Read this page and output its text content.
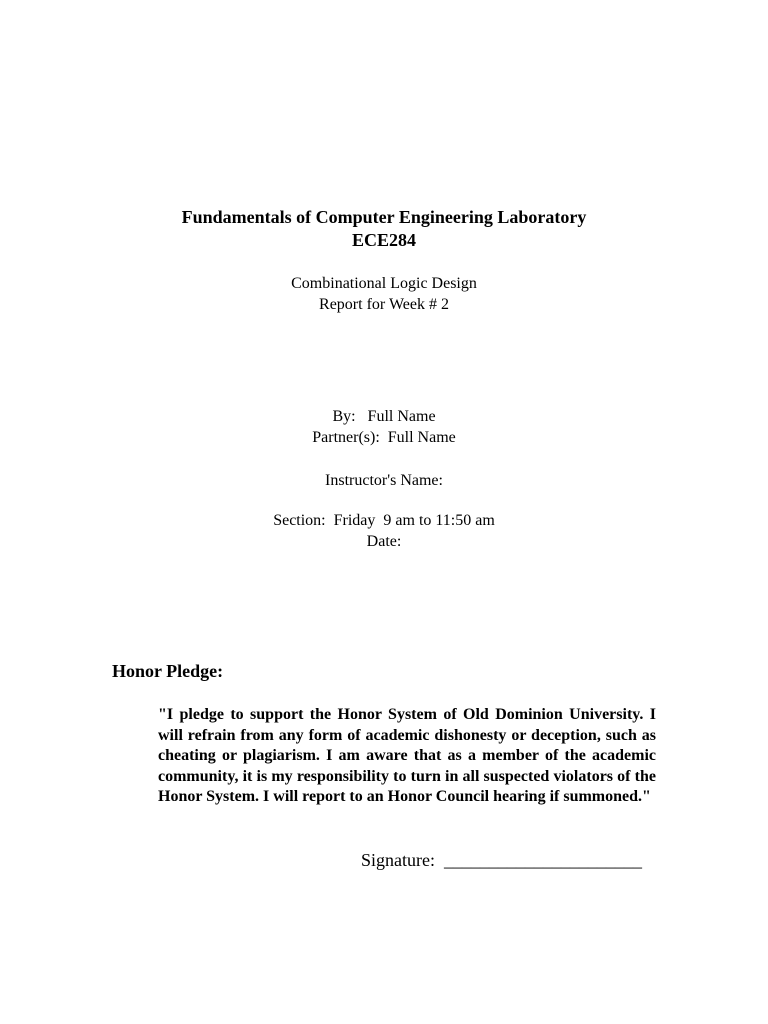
Fundamentals of Computer Engineering Laboratory
ECE284
Combinational Logic Design
Report for Week # 2
By:   Full Name
Partner(s):  Full Name
Instructor's Name:
Section:  Friday  9 am to 11:50 am
Date:
Honor Pledge:
"I pledge to support the Honor System of Old Dominion University. I will refrain from any form of academic dishonesty or deception, such as cheating or plagiarism. I am aware that as a member of the academic community, it is my responsibility to turn in all suspected violators of the Honor System. I will report to an Honor Council hearing if summoned."
Signature:  ______________________
